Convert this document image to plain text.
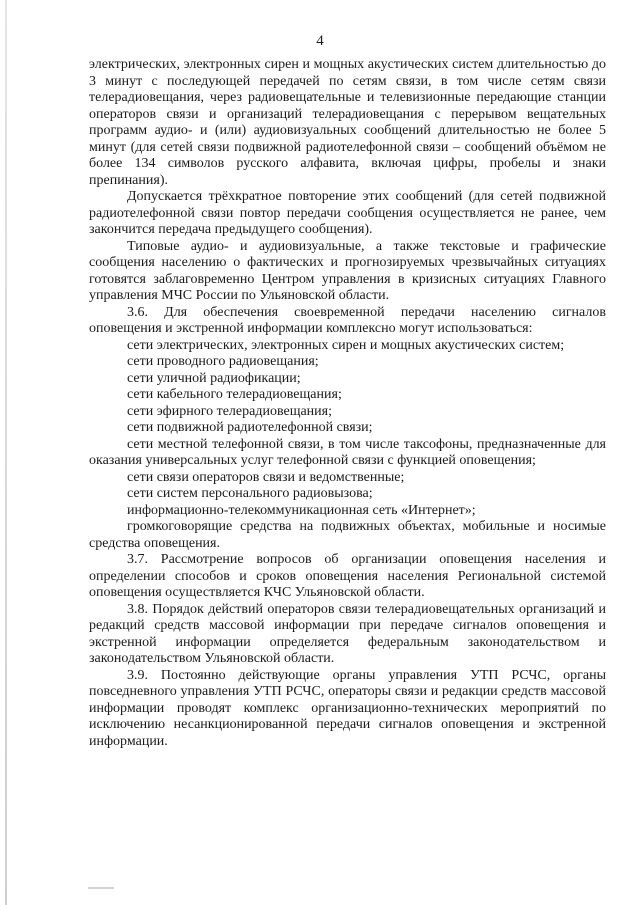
4

электрических, электронных сирен и мощных акустических систем длительностью до 3 минут с последующей передачей по сетям связи, в том числе сетям связи телерадиовещания, через радиовещательные и телевизионные передающие станции операторов связи и организаций телерадиовещания с перерывом вещательных программ аудио- и (или) аудиовизуальных сообщений длительностью не более 5 минут (для сетей связи подвижной радиотелефонной связи – сообщений объёмом не более 134 символов русского алфавита, включая цифры, пробелы и знаки препинания).

Допускается трёхкратное повторение этих сообщений (для сетей подвижной радиотелефонной связи повтор передачи сообщения осуществляется не ранее, чем закончится передача предыдущего сообщения).

Типовые аудио- и аудиовизуальные, а также текстовые и графические сообщения населению о фактических и прогнозируемых чрезвычайных ситуациях готовятся заблаговременно Центром управления в кризисных ситуациях Главного управления МЧС России по Ульяновской области.

3.6. Для обеспечения своевременной передачи населению сигналов оповещения и экстренной информации комплексно могут использоваться:

сети электрических, электронных сирен и мощных акустических систем;

сети проводного радиовещания;

сети уличной радиофикации;

сети кабельного телерадиовещания;

сети эфирного телерадиовещания;

сети подвижной радиотелефонной связи;

сети местной телефонной связи, в том числе таксофоны, предназначенные для оказания универсальных услуг телефонной связи с функцией оповещения;

сети связи операторов связи и ведомственные;

сети систем персонального радиовызова;

информационно-телекоммуникационная сеть «Интернет»;

громкоговорящие средства на подвижных объектах, мобильные и носимые средства оповещения.

3.7. Рассмотрение вопросов об организации оповещения населения и определении способов и сроков оповещения населения Региональной системой оповещения осуществляется КЧС Ульяновской области.

3.8. Порядок действий операторов связи телерадиовещательных организаций и редакций средств массовой информации при передаче сигналов оповещения и экстренной информации определяется федеральным законодательством и законодательством Ульяновской области.

3.9. Постоянно действующие органы управления УТП РСЧС, органы повседневного управления УТП РСЧС, операторы связи и редакции средств массовой информации проводят комплекс организационно-технических мероприятий по исключению несанкционированной передачи сигналов оповещения и экстренной информации.
